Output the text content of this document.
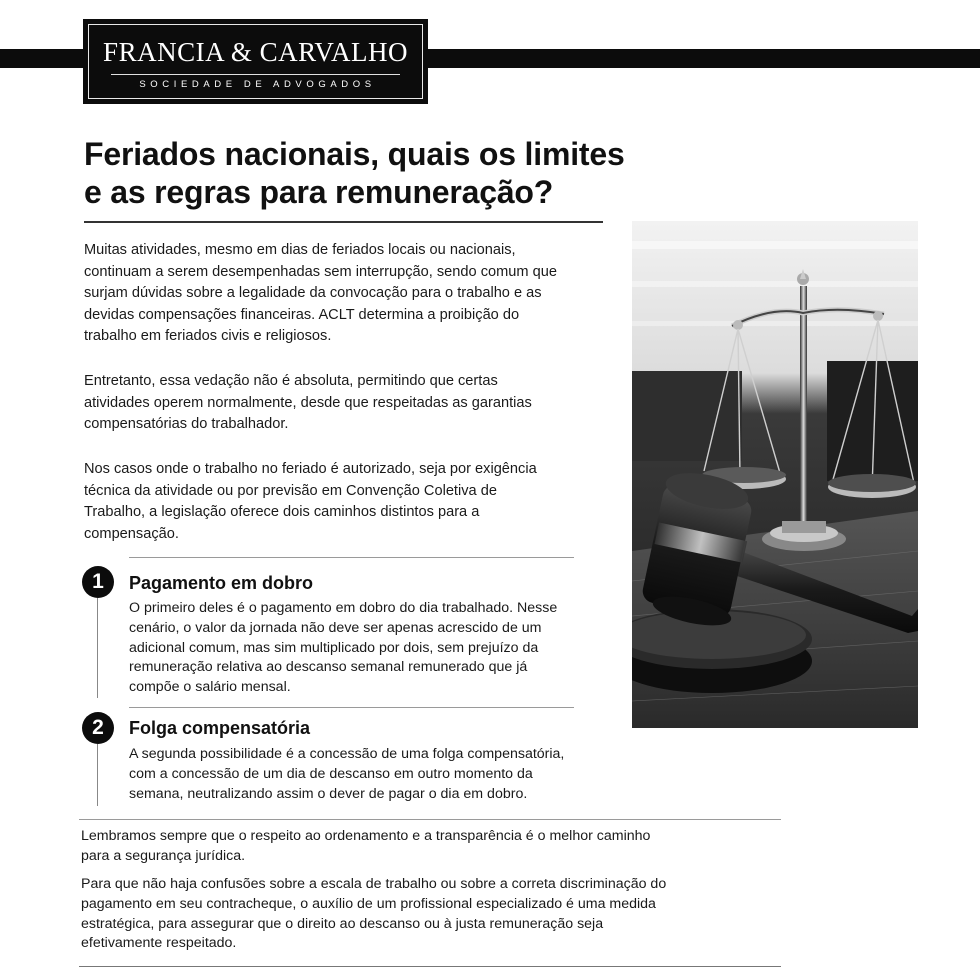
FRANCIA & CARVALHO
SOCIEDADE DE ADVOGADOS
Feriados nacionais, quais os limites
e as regras para remuneração?

Muitas atividades, mesmo em dias de feriados locais ou nacionais, continuam a serem desempenhadas sem interrupção, sendo comum que surjam dúvidas sobre a legalidade da convocação para o trabalho e as devidas compensações financeiras. ACLT determina a proibição do trabalho em feriados civis e religiosos.

Entretanto, essa vedação não é absoluta, permitindo que certas atividades operem normalmente, desde que respeitadas as garantias compensatórias do trabalhador.

Nos casos onde o trabalho no feriado é autorizado, seja por exigência técnica da atividade ou por previsão em Convenção Coletiva de Trabalho, a legislação oferece dois caminhos distintos para a compensação.

1	Pagamento em dobro

O primeiro deles é o pagamento em dobro do dia trabalhado. Nesse cenário, o valor da jornada não deve ser apenas acrescido de um adicional comum, mas sim multiplicado por dois, sem prejuízo da remuneração relativa ao descanso semanal remunerado que já compõe o salário mensal.

2	Folga compensatória

A segunda possibilidade é a concessão de uma folga compensatória, com a concessão de um dia de descanso em outro momento da semana, neutralizando assim o dever de pagar o dia em dobro.

Lembramos sempre que o respeito ao ordenamento e a transparência é o melhor caminho para a segurança jurídica.

Para que não haja confusões sobre a escala de trabalho ou sobre a correta discriminação do pagamento em seu contracheque, o auxílio de um profissional especializado é uma medida estratégica, para assegurar que o direito ao descanso ou à justa remuneração seja efetivamente respeitado.
